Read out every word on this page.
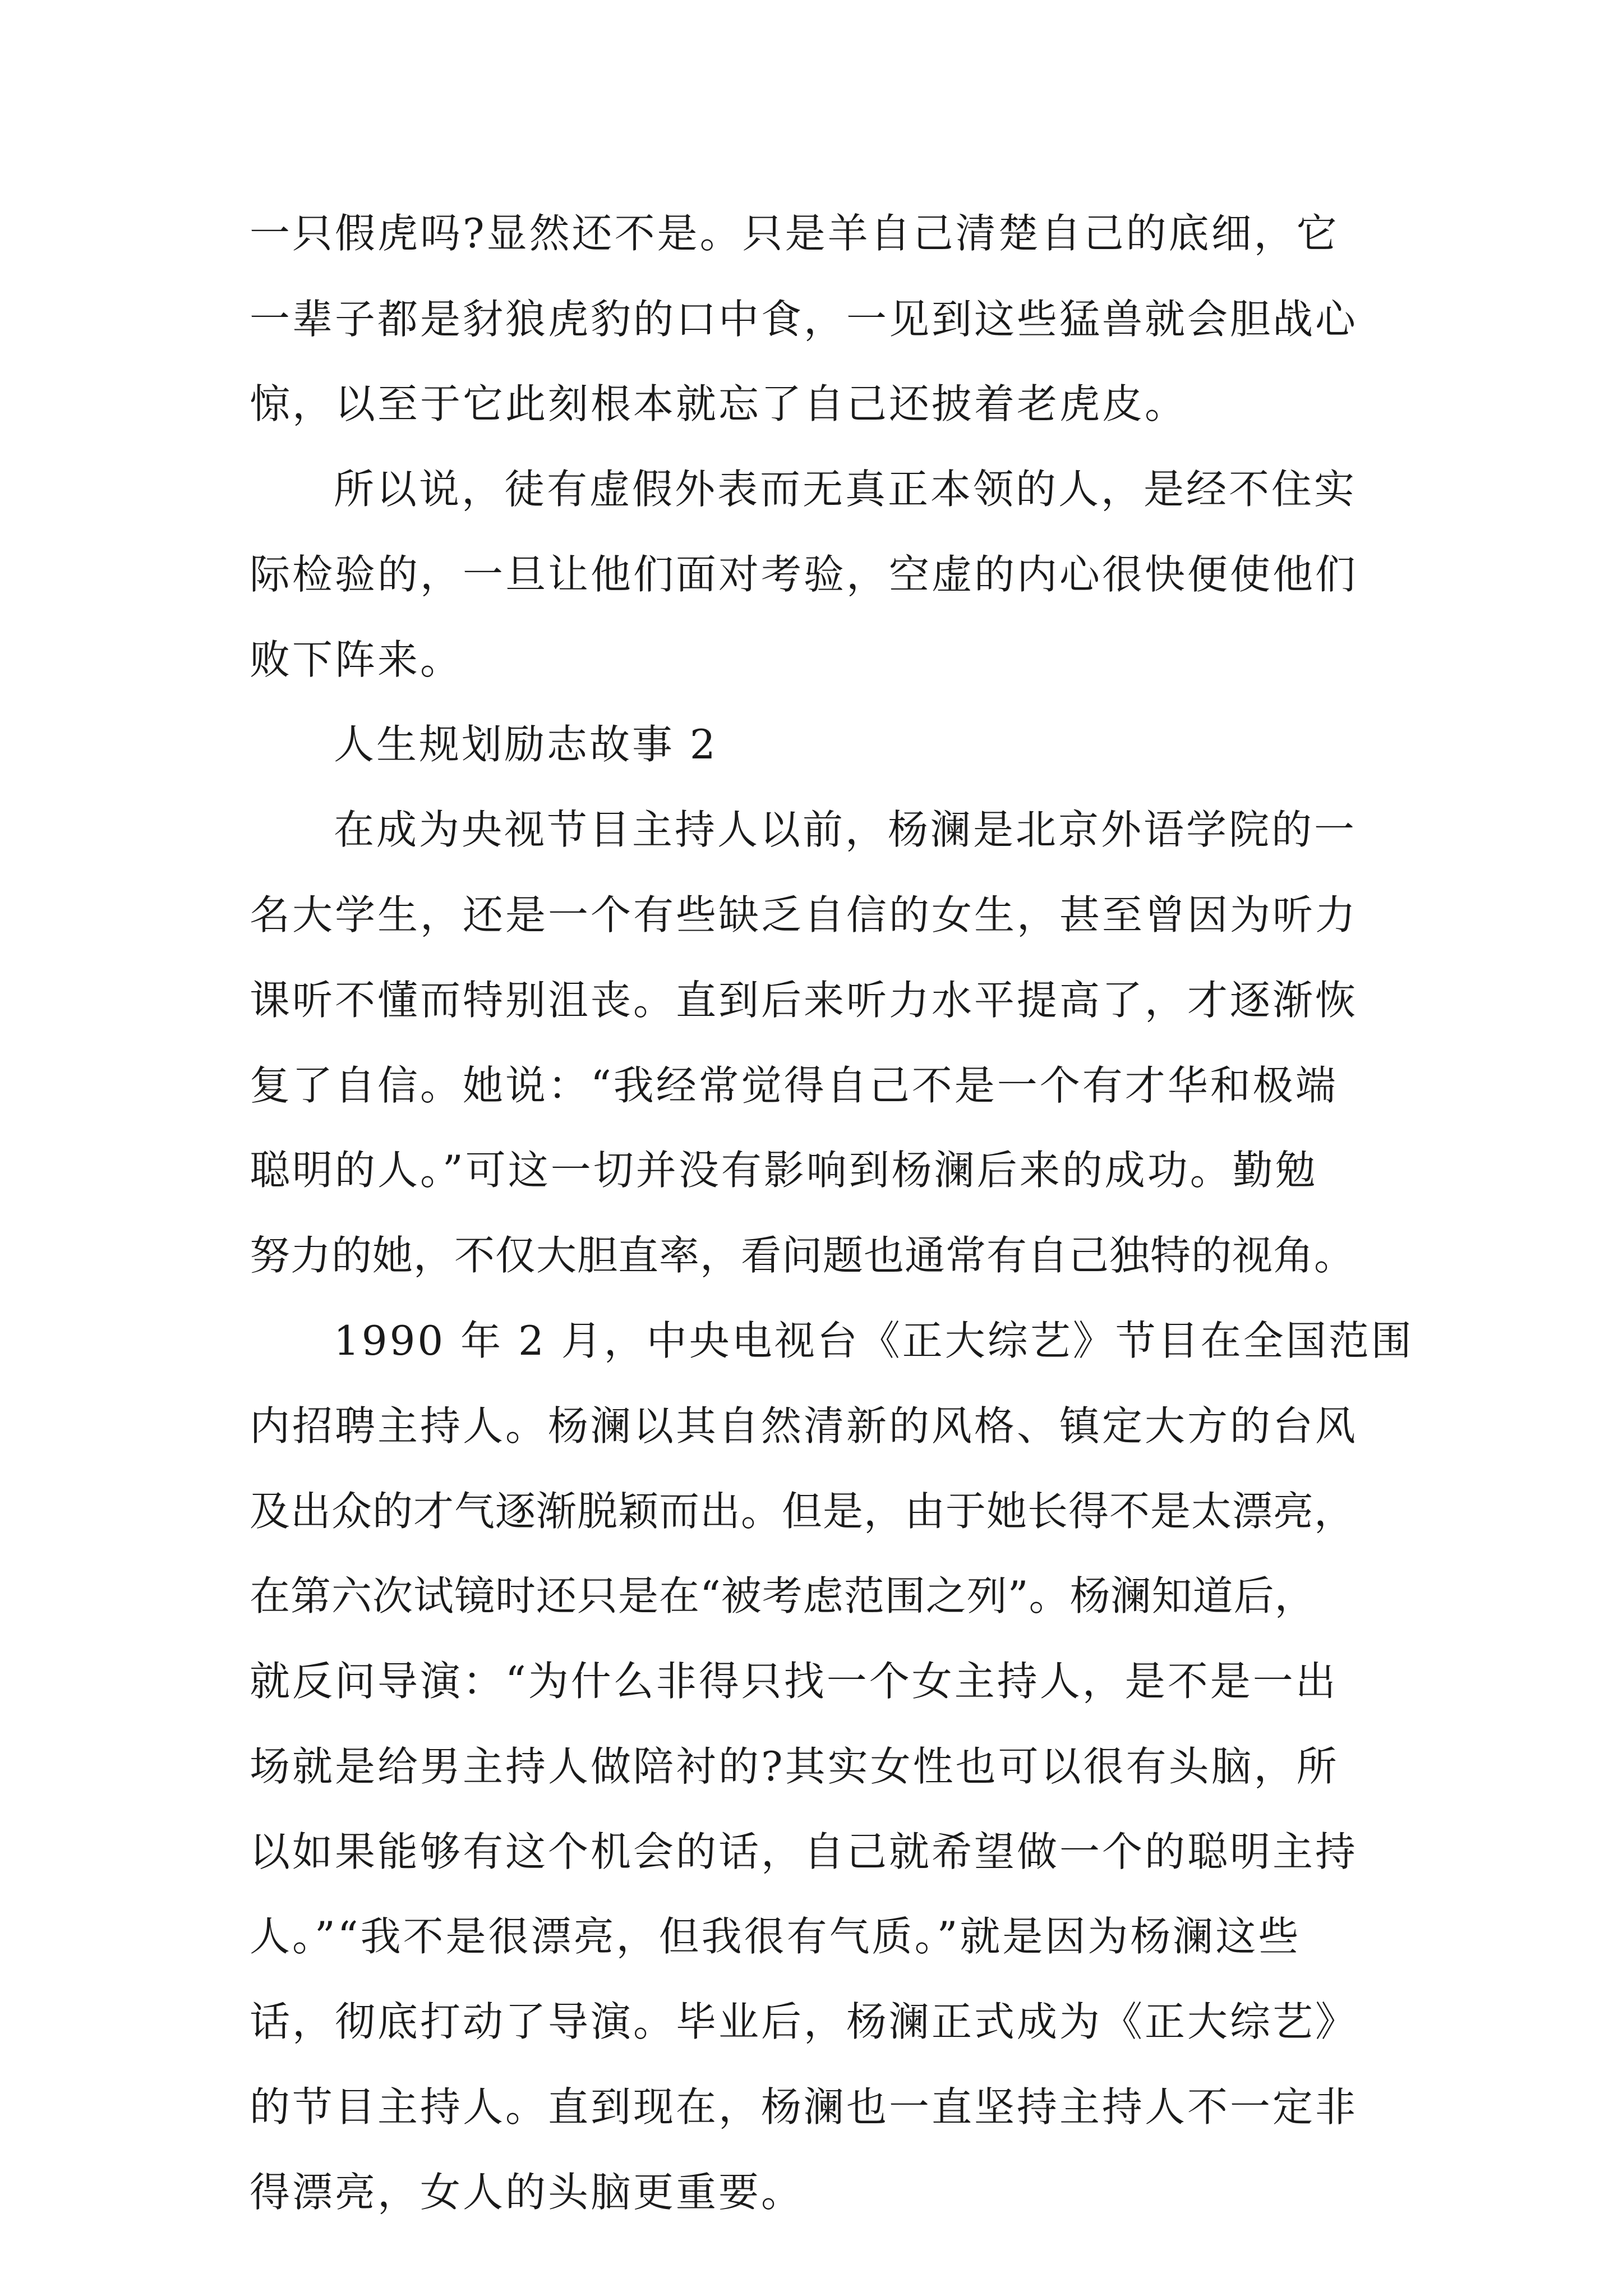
一只假虎吗?显然还不是。只是羊自己清楚自己的底细，它
一辈子都是豺狼虎豹的口中食，一见到这些猛兽就会胆战心
惊，以至于它此刻根本就忘了自己还披着老虎皮。
所以说，徒有虚假外表而无真正本领的人，是经不住实
际检验的，一旦让他们面对考验，空虚的内心很快便使他们
败下阵来。
人生规划励志故事 2
在成为央视节目主持人以前，杨澜是北京外语学院的一
名大学生，还是一个有些缺乏自信的女生，甚至曾因为听力
课听不懂而特别沮丧。直到后来听力水平提高了，才逐渐恢
复了自信。她说：“我经常觉得自己不是一个有才华和极端
聪明的人。”可这一切并没有影响到杨澜后来的成功。勤勉
努力的她，不仅大胆直率，看问题也通常有自己独特的视角。
1990 年 2 月，中央电视台《正大综艺》节目在全国范围
内招聘主持人。杨澜以其自然清新的风格、镇定大方的台风
及出众的才气逐渐脱颖而出。但是，由于她长得不是太漂亮，
在第六次试镜时还只是在“被考虑范围之列”。杨澜知道后，
就反问导演：“为什么非得只找一个女主持人，是不是一出
场就是给男主持人做陪衬的?其实女性也可以很有头脑，所
以如果能够有这个机会的话，自己就希望做一个的聪明主持
人。”“我不是很漂亮，但我很有气质。”就是因为杨澜这些
话，彻底打动了导演。毕业后，杨澜正式成为《正大综艺》
的节目主持人。直到现在，杨澜也一直坚持主持人不一定非
得漂亮，女人的头脑更重要。
